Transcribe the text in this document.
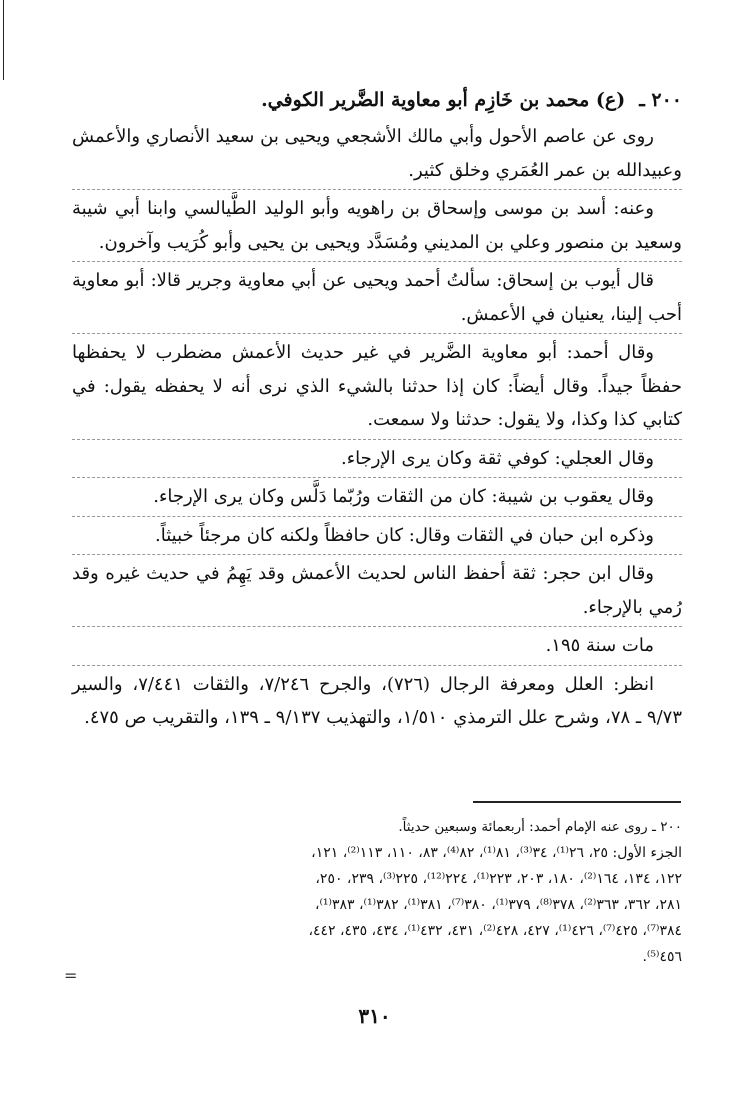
٢٠٠ ـ(ع) محمد بن خَازِم أبو معاوية الضَّرير الكوفي.

روى عن عاصم الأحول وأبي مالك الأشجعي ويحيى بن سعيد الأنصاري والأعمش وعبيدالله بن عمر العُمَري وخلق كثير.

وعنه: أسد بن موسى وإسحاق بن راهويه وأبو الوليد الطَّيالسي وابنا أبي شيبة وسعيد بن منصور وعلي بن المديني ومُسَدَّد ويحيى بن يحيى وأبو كُرَيب وآخرون.

قال أيوب بن إسحاق: سألتُ أحمد ويحيى عن أبي معاوية وجرير قالا: أبو معاوية أحب إلينا، يعنيان في الأعمش.

وقال أحمد: أبو معاوية الضَّرير في غير حديث الأعمش مضطرب لا يحفظها حفظاً جيداً. وقال أيضاً: كان إذا حدثنا بالشيء الذي نرى أنه لا يحفظه يقول: في كتابي كذا وكذا، ولا يقول: حدثنا ولا سمعت.

وقال العجلي: كوفي ثقة وكان يرى الإرجاء.

وقال يعقوب بن شيبة: كان من الثقات ورُبّما دَلَّس وكان يرى الإرجاء.

وذكره ابن حبان في الثقات وقال: كان حافظاً ولكنه كان مرجئاً خبيثاً.

وقال ابن حجر: ثقة أحفظ الناس لحديث الأعمش وقد يَهِمُ في حديث غيره وقد رُمي بالإرجاء.

مات سنة ١٩٥.

انظر: العلل ومعرفة الرجال (٧٢٦)، والجرح ٧/٢٤٦، والثقات ٧/٤٤١، والسير ٩/٧٣ ـ ٧٨، وشرح علل الترمذي ١/٥١٠، والتهذيب ٩/١٣٧ ـ ١٣٩، والتقريب ص ٤٧٥.

٢٠٠ ـ روى عنه الإمام أحمد: أربعمائة وسبعين حديثاً.

الجزء الأول: ٢٥، ٢٦⁽¹⁾، ٣٤⁽³⁾، ٨١⁽¹⁾، ٨٢⁽⁴⁾، ٨٣، ١١٠، ١١٣⁽²⁾، ١٢١،

١٢٢، ١٣٤، ١٦٤⁽²⁾، ١٨٠، ٢٠٣، ٢٢٣⁽¹⁾، ٢٢٤⁽¹²⁾، ٢٢٥⁽³⁾، ٢٣٩، ٢٥٠،

٢٨١، ٣٦٢، ٣٦٣⁽²⁾، ٣٧٨⁽⁸⁾، ٣٧٩⁽¹⁾، ٣٨٠⁽⁷⁾، ٣٨١⁽¹⁾، ٣٨٢⁽¹⁾، ٣٨٣⁽¹⁾،

٣٨٤⁽⁷⁾، ٤٢٥⁽⁷⁾، ٤٢٦⁽¹⁾، ٤٢٧، ٤٢٨⁽²⁾، ٤٣١، ٤٣٢⁽¹⁾، ٤٣٤، ٤٣٥، ٤٤٢،

٤٥٦⁽⁵⁾.

=
٣١٠
